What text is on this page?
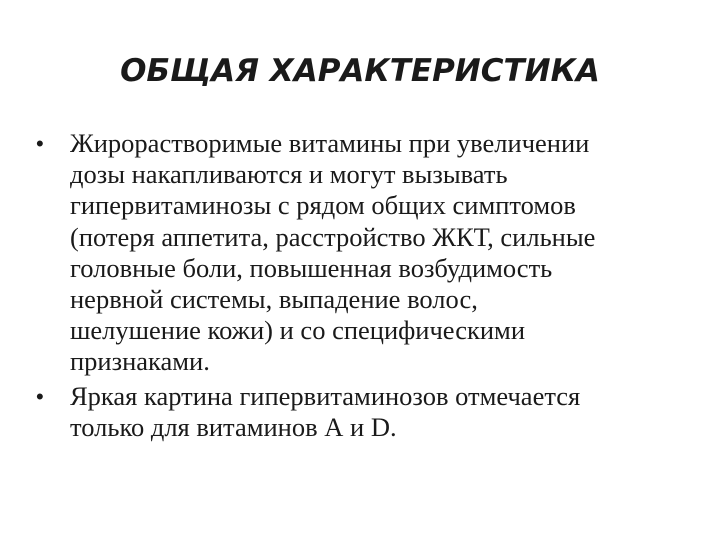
ОБЩАЯ ХАРАКТЕРИСТИКА
• Жирорастворимые витамины при увеличении
дозы накапливаются и могут вызывать
гипервитаминозы с рядом общих симптомов
(потеря аппетита, расстройство ЖКТ, сильные
головные боли, повышенная возбудимость
нервной системы, выпадение волос,
шелушение кожи) и со специфическими
признаками.
• Яркая картина гипервитаминозов отмечается
только для витаминов А и D.
